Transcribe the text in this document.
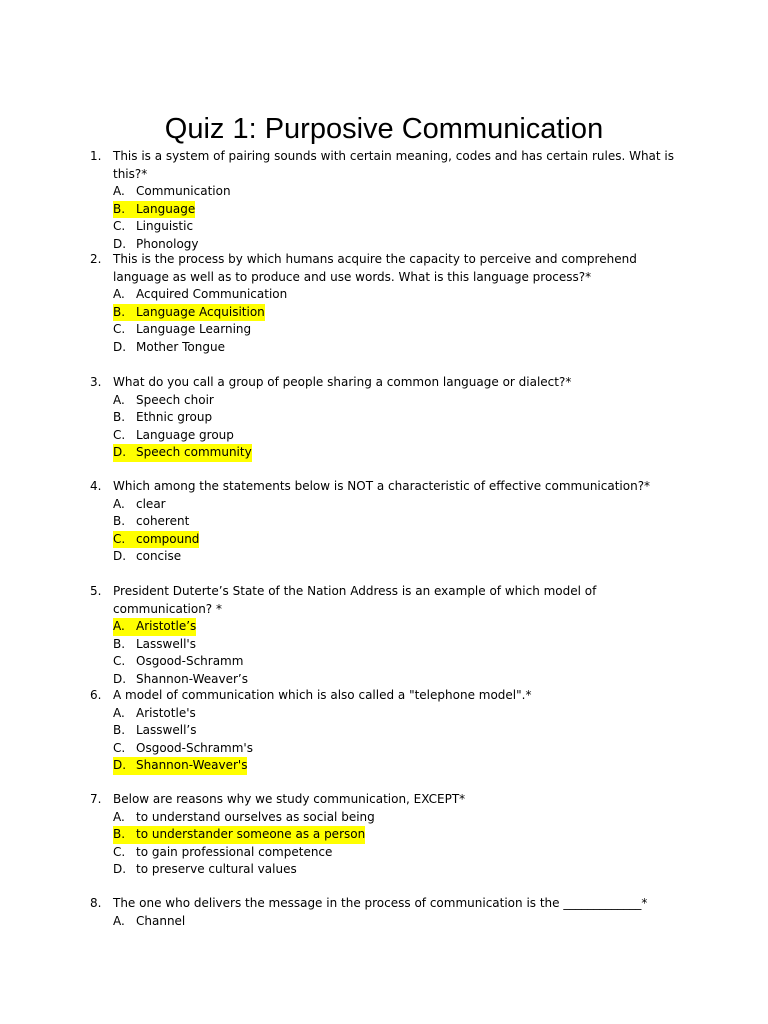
Quiz 1: Purposive Communication
1. This is a system of pairing sounds with certain meaning, codes and has certain rules. What is this?*
A. Communication
B. Language
C. Linguistic
D. Phonology
2. This is the process by which humans acquire the capacity to perceive and comprehend language as well as to produce and use words. What is this language process?*
A. Acquired Communication
B. Language Acquisition
C. Language Learning
D. Mother Tongue
3. What do you call a group of people sharing a common language or dialect?*
A. Speech choir
B. Ethnic group
C. Language group
D. Speech community
4. Which among the statements below is NOT a characteristic of effective communication?*
A. clear
B. coherent
C. compound
D. concise
5. President Duterte’s State of the Nation Address is an example of which model of communication? *
A. Aristotle’s
B. Lasswell's
C. Osgood-Schramm
D. Shannon-Weaver’s
6. A model of communication which is also called a "telephone model".*
A. Aristotle's
B. Lasswell’s
C. Osgood-Schramm's
D. Shannon-Weaver's
7. Below are reasons why we study communication, EXCEPT*
A. to understand ourselves as social being
B. to understander someone as a person
C. to gain professional competence
D. to preserve cultural values
8. The one who delivers the message in the process of communication is the _____________*
A. Channel
